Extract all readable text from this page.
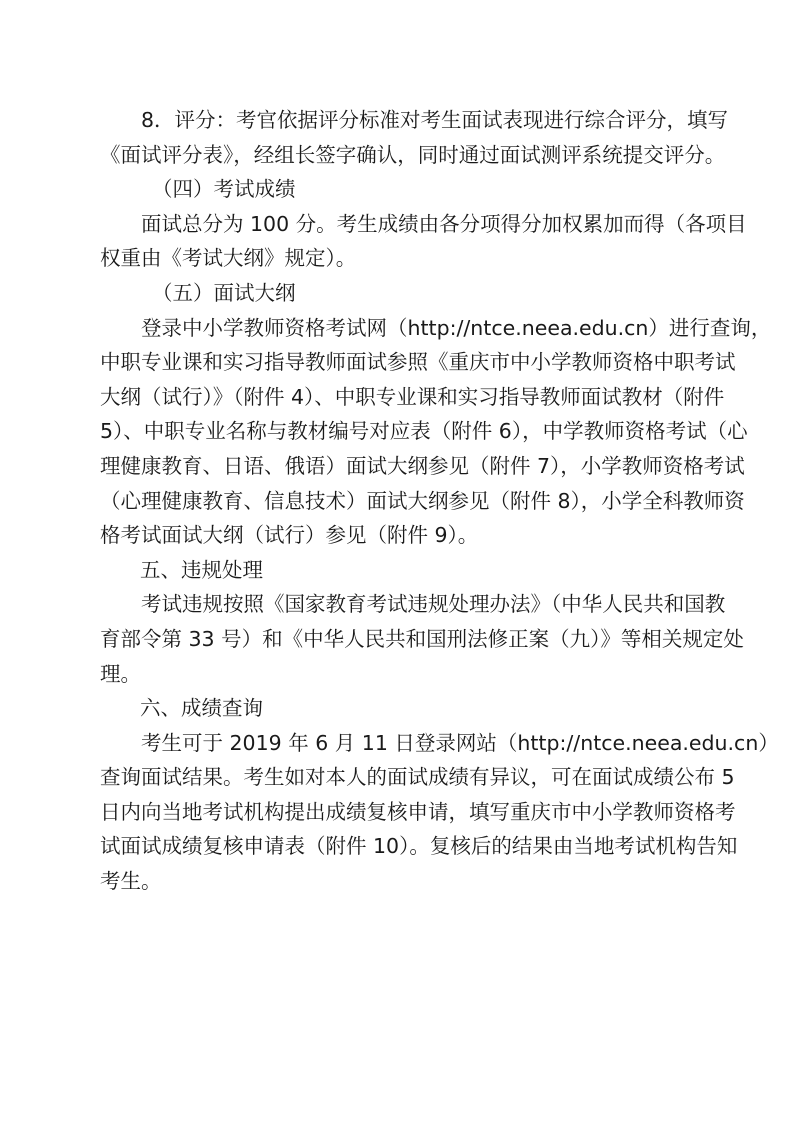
8．评分：考官依据评分标准对考生面试表现进行综合评分，填写
《面试评分表》，经组长签字确认，同时通过面试测评系统提交评分。

（四）考试成绩

面试总分为 100 分。考生成绩由各分项得分加权累加而得（各项目
权重由《考试大纲》规定）。

（五）面试大纲

登录中小学教师资格考试网（http://ntce.neea.edu.cn）进行查询，
中职专业课和实习指导教师面试参照《重庆市中小学教师资格中职考试
大纲（试行）》（附件 4）、中职专业课和实习指导教师面试教材（附件
5）、中职专业名称与教材编号对应表（附件 6），中学教师资格考试（心
理健康教育、日语、俄语）面试大纲参见（附件 7），小学教师资格考试
（心理健康教育、信息技术）面试大纲参见（附件 8），小学全科教师资
格考试面试大纲（试行）参见（附件 9）。

五、违规处理

考试违规按照《国家教育考试违规处理办法》（中华人民共和国教
育部令第 33 号）和《中华人民共和国刑法修正案（九）》等相关规定处
理。

六、成绩查询

考生可于 2019 年 6 月 11 日登录网站（http://ntce.neea.edu.cn）
查询面试结果。考生如对本人的面试成绩有异议，可在面试成绩公布 5
日内向当地考试机构提出成绩复核申请，填写重庆市中小学教师资格考
试面试成绩复核申请表（附件 10）。复核后的结果由当地考试机构告知
考生。
